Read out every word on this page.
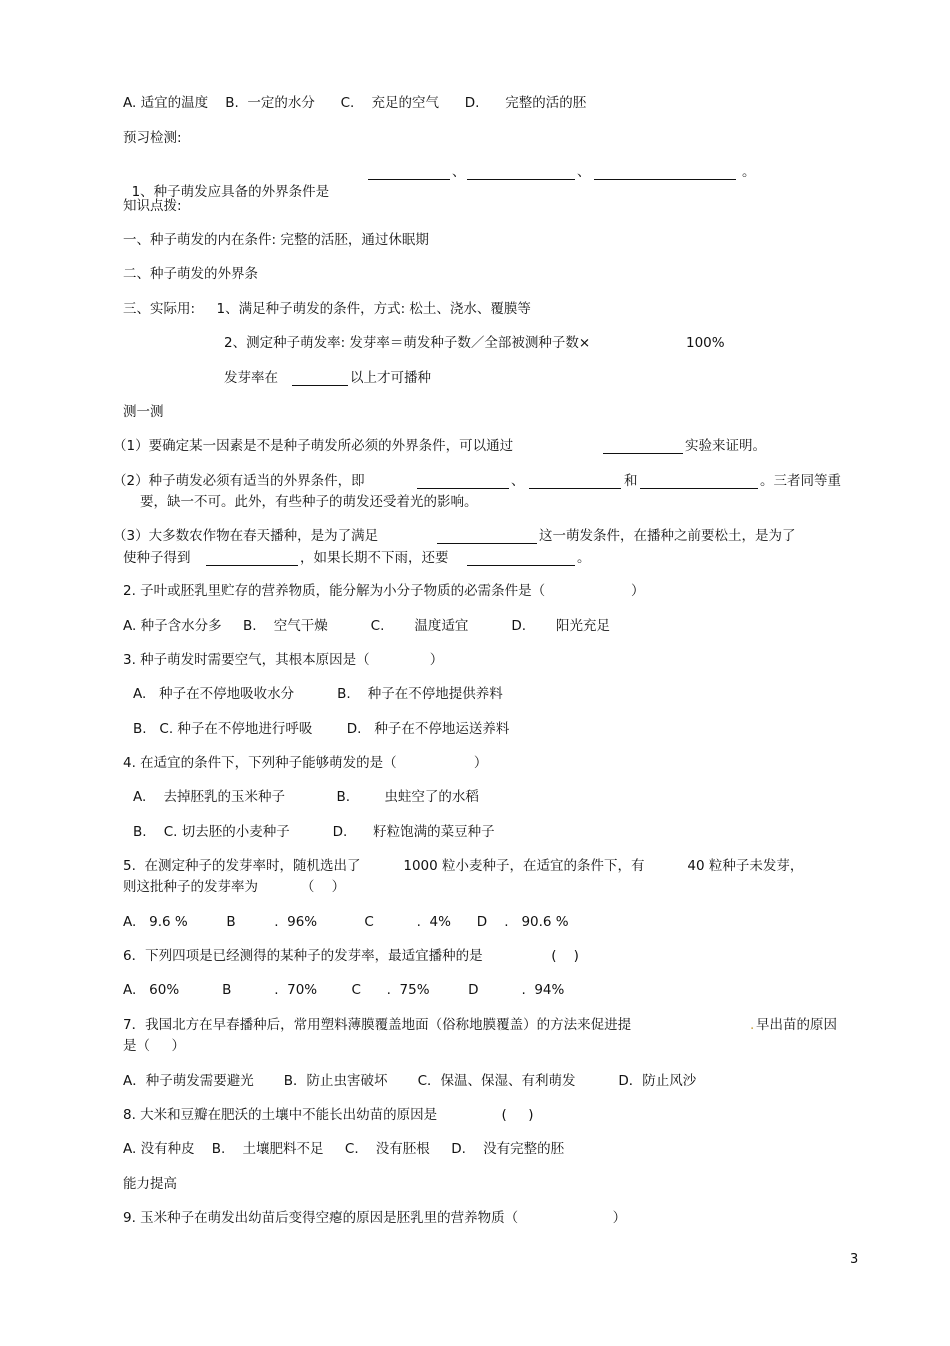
A. 适宜的温度    B.  一定的水分      C.    充足的空气      D.      完整的活的胚
预习检测:

1、种子萌发应具备的外界条件是

、	、	。
知识点拨:
一、种子萌发的内在条件: 完整的活胚，通过休眠期
二、种子萌发的外界条
三、实际用:     1、满足种子萌发的条件，方式: 松土、浇水、覆膜等
2、测定种子萌发率: 发芽率＝萌发种子数／全部被测种子数×	100%
发芽率在	以上才可播种
测一测
（1）要确定某一因素是不是种子萌发所必须的外界条件，可以通过	实验来证明。
（2）种子萌发必须有适当的外界条件，即	、	和	。三者同等重
要，缺一不可。此外，有些种子的萌发还受着光的影响。
（3）大多数农作物在春天播种，是为了满足	这一萌发条件，在播种之前要松土，是为了
使种子得到	，如果长期不下雨，还要	。
2. 子叶或胚乳里贮存的营养物质，能分解为小分子物质的必需条件是（                    ）
A. 种子含水分多     B.    空气干燥          C.       温度适宜          D.       阳光充足
3. 种子萌发时需要空气，其根本原因是（              ）
A.   种子在不停地吸收水分          B.    种子在不停地提供养料
B.   C. 种子在不停地进行呼吸        D.   种子在不停地运送养料
4. 在适宜的条件下，下列种子能够萌发的是（                  ）
A.    去掉胚乳的玉米种子            B.        虫蛀空了的水稻
B.    C. 切去胚的小麦种子          D.      籽粒饱满的菜豆种子
5.  在测定种子的发芽率时，随机选出了          1000 粒小麦种子，在适宜的条件下，有          40 粒种子未发芽，
则这批种子的发芽率为          （    ）
A.   9.6 %         B         .  96%           C          .  4%      D    .   90.6 %
6．下列四项是已经测得的某种子的发芽率，最适宜播种的是                (    )
A.   60%          B          .  70%        C      .  75%         D          .  94%
7．我国北方在早春播种后，常用塑料薄膜覆盖地面（俗称地膜覆盖）的方法来促进提	. 早出苗的原因
是（     ）
A．种子萌发需要避光       B．防止虫害破坏       C．保温、保湿、有利萌发          D．防止风沙
8. 大米和豆瓣在肥沃的土壤中不能长出幼苗的原因是               (     )
A. 没有种皮    B.    土壤肥料不足     C.    没有胚根     D.    没有完整的胚
能力提高
9. 玉米种子在萌发出幼苗后变得空瘪的原因是胚乳里的营养物质（                      ）
3
